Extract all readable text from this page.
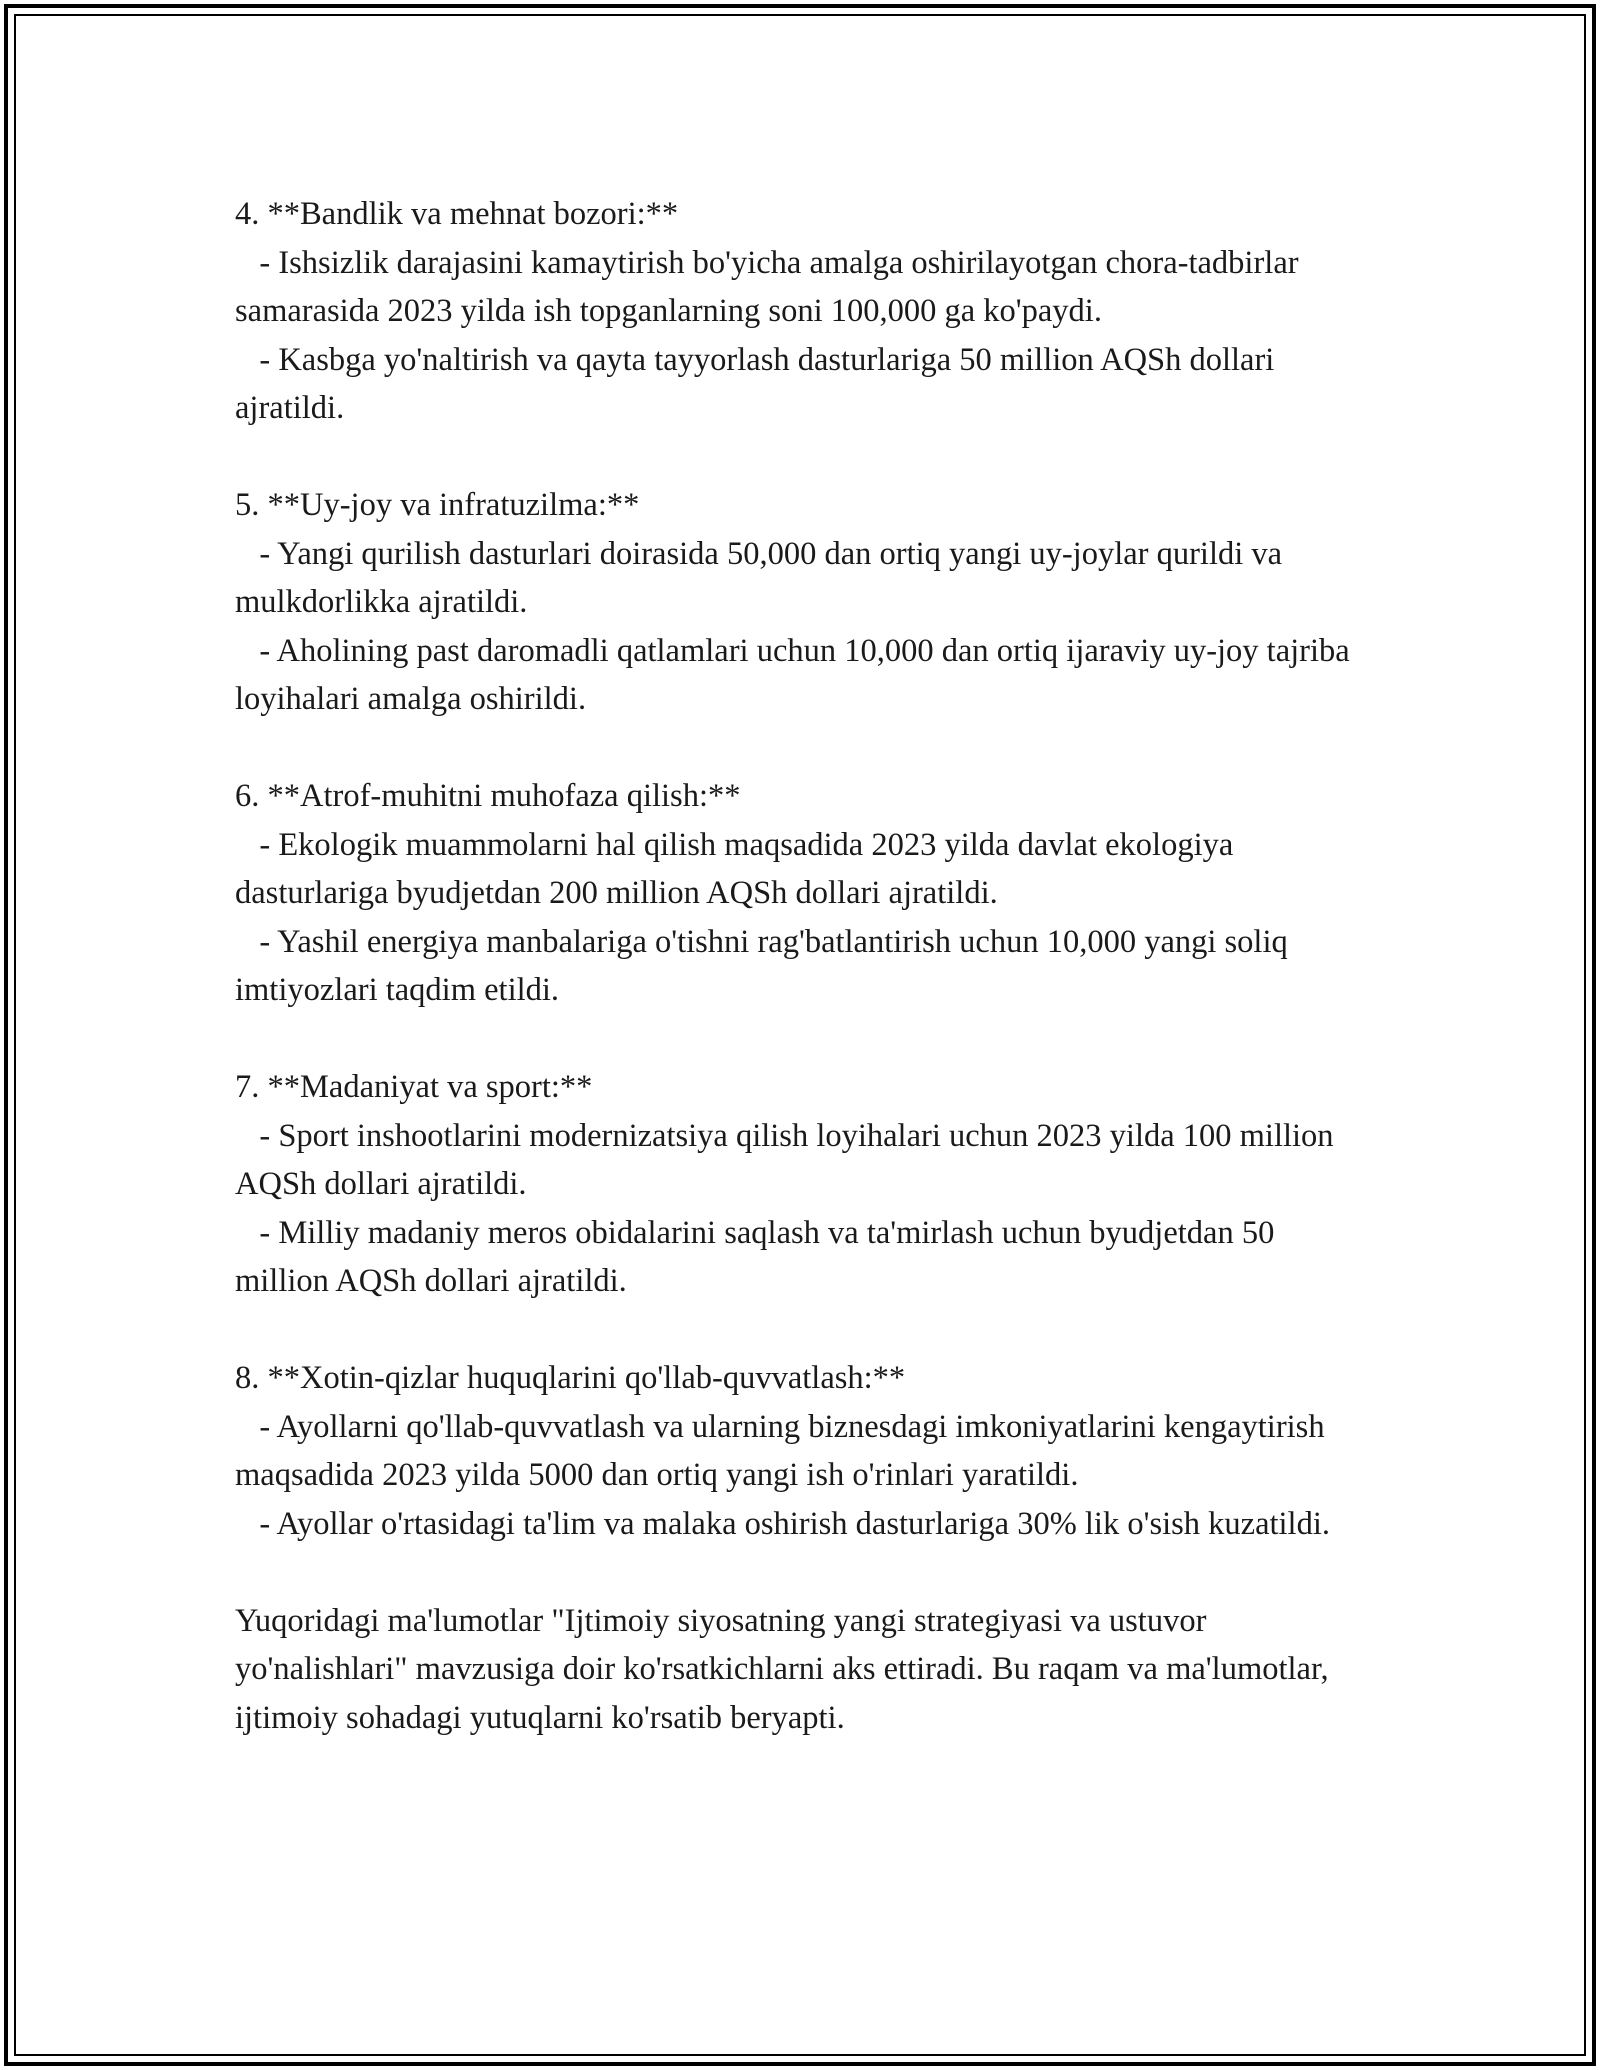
4. **Bandlik va mehnat bozori:**

- Ishsizlik darajasini kamaytirish bo'yicha amalga oshirilayotgan chora-tadbirlar samarasida 2023 yilda ish topganlarning soni 100,000 ga ko'paydi.

- Kasbga yo'naltirish va qayta tayyorlash dasturlariga 50 million AQSh dollari ajratildi.

5. **Uy-joy va infratuzilma:**

- Yangi qurilish dasturlari doirasida 50,000 dan ortiq yangi uy-joylar qurildi va mulkdorlikka ajratildi.

- Aholining past daromadli qatlamlari uchun 10,000 dan ortiq ijaraviy uy-joy tajriba loyihalari amalga oshirildi.

6. **Atrof-muhitni muhofaza qilish:**

- Ekologik muammolarni hal qilish maqsadida 2023 yilda davlat ekologiya dasturlariga byudjetdan 200 million AQSh dollari ajratildi.

- Yashil energiya manbalariga o'tishni rag'batlantirish uchun 10,000 yangi soliq imtiyozlari taqdim etildi.

7. **Madaniyat va sport:**

- Sport inshootlarini modernizatsiya qilish loyihalari uchun 2023 yilda 100 million AQSh dollari ajratildi.

- Milliy madaniy meros obidalarini saqlash va ta'mirlash uchun byudjetdan 50 million AQSh dollari ajratildi.

8. **Xotin-qizlar huquqlarini qo'llab-quvvatlash:**

- Ayollarni qo'llab-quvvatlash va ularning biznesdagi imkoniyatlarini kengaytirish maqsadida 2023 yilda 5000 dan ortiq yangi ish o'rinlari yaratildi.

- Ayollar o'rtasidagi ta'lim va malaka oshirish dasturlariga 30% lik o'sish kuzatildi.

Yuqoridagi ma'lumotlar "Ijtimoiy siyosatning yangi strategiyasi va ustuvor yo'nalishlari" mavzusiga doir ko'rsatkichlarni aks ettiradi. Bu raqam va ma'lumotlar, ijtimoiy sohadagi yutuqlarni ko'rsatib beryapti.
